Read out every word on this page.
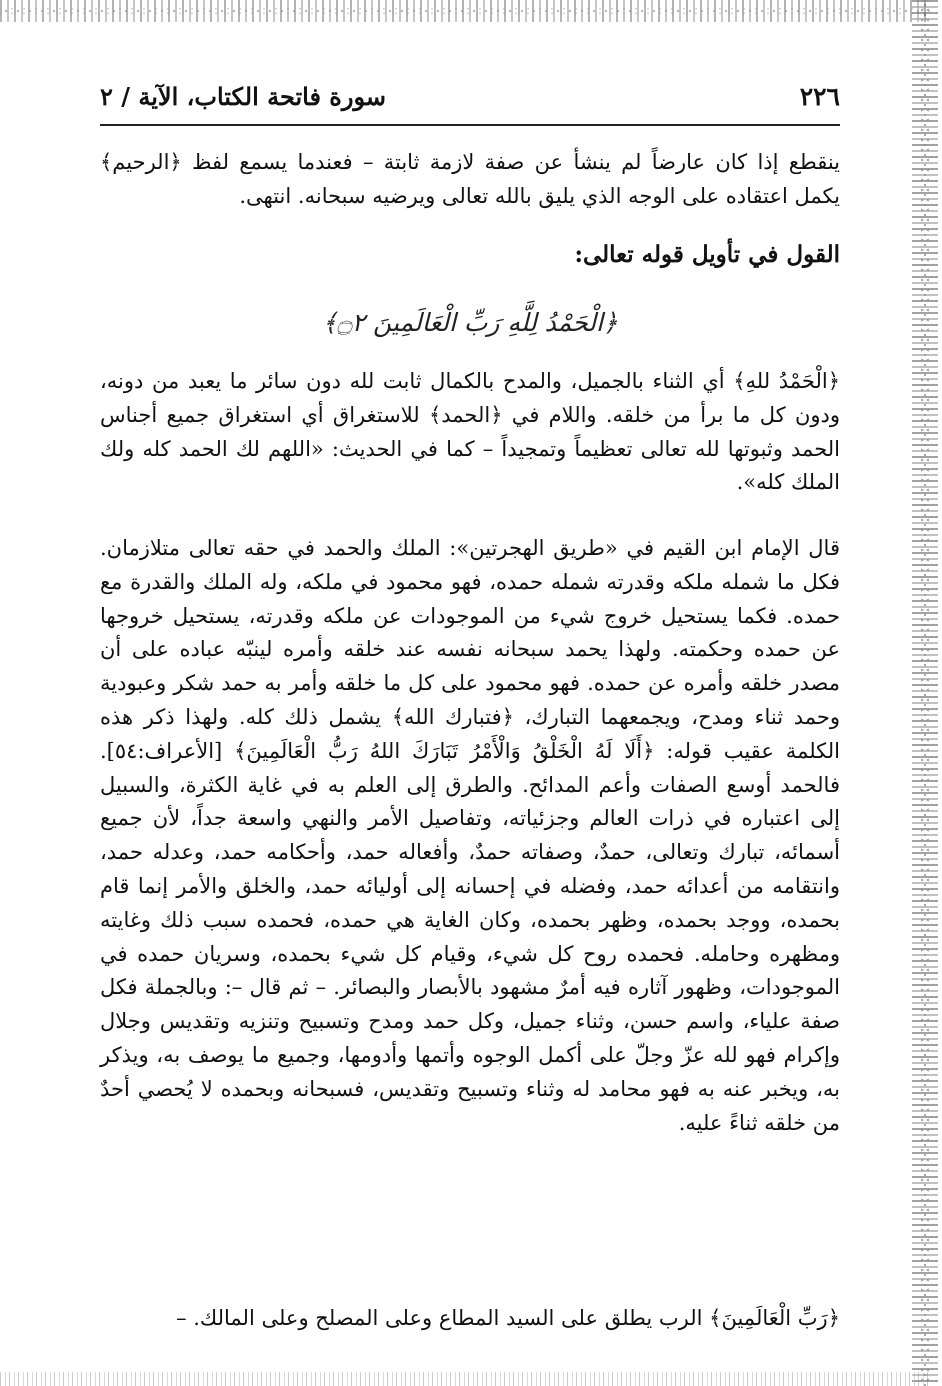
٢٢٦
سورة فاتحة الكتاب، الآية / ٢

ينقطع إذا كان عارضاً لم ينشأ عن صفة لازمة ثابتة – فعندما يسمع لفظ ﴿الرحيم﴾ يكمل اعتقاده على الوجه الذي يليق بالله تعالى ويرضيه سبحانه. انتهى.

القول في تأويل قوله تعالى:

﴿الْحَمْدُ لِلَّهِ رَبِّ الْعَالَمِينَ ۝٢﴾

﴿الْحَمْدُ للهِ﴾ أي الثناء بالجميل، والمدح بالكمال ثابت لله دون سائر ما يعبد من دونه، ودون كل ما برأ من خلقه. واللام في ﴿الحمد﴾ للاستغراق أي استغراق جميع أجناس الحمد وثبوتها لله تعالى تعظيماً وتمجيداً – كما في الحديث: «اللهم لك الحمد كله ولك الملك كله».

قال الإمام ابن القيم في «طريق الهجرتين»: الملك والحمد في حقه تعالى متلازمان. فكل ما شمله ملكه وقدرته شمله حمده، فهو محمود في ملكه، وله الملك والقدرة مع حمده. فكما يستحيل خروج شيء من الموجودات عن ملكه وقدرته، يستحيل خروجها عن حمده وحكمته. ولهذا يحمد سبحانه نفسه عند خلقه وأمره لينبّه عباده على أن مصدر خلقه وأمره عن حمده. فهو محمود على كل ما خلقه وأمر به حمد شكر وعبودية وحمد ثناء ومدح، ويجمعهما التبارك، ﴿فتبارك الله﴾ يشمل ذلك كله. ولهذا ذكر هذه الكلمة عقيب قوله: ﴿أَلَا لَهُ الْخَلْقُ وَالْأَمْرُ تَبَارَكَ اللهُ رَبُّ الْعَالَمِينَ﴾ [الأعراف:٥٤]. فالحمد أوسع الصفات وأعم المدائح. والطرق إلى العلم به في غاية الكثرة، والسبيل إلى اعتباره في ذرات العالم وجزئياته، وتفاصيل الأمر والنهي واسعة جداً، لأن جميع أسمائه، تبارك وتعالى، حمدٌ، وصفاته حمدٌ، وأفعاله حمد، وأحكامه حمد، وعدله حمد، وانتقامه من أعدائه حمد، وفضله في إحسانه إلى أوليائه حمد، والخلق والأمر إنما قام بحمده، ووجد بحمده، وظهر بحمده، وكان الغاية هي حمده، فحمده سبب ذلك وغايته ومظهره وحامله. فحمده روح كل شيء، وقيام كل شيء بحمده، وسريان حمده في الموجودات، وظهور آثاره فيه أمرٌ مشهود بالأبصار والبصائر. – ثم قال –: وبالجملة فكل صفة علياء، واسم حسن، وثناء جميل، وكل حمد ومدح وتسبيح وتنزيه وتقديس وجلال وإكرام فهو لله عزّ وجلّ على أكمل الوجوه وأتمها وأدومها، وجميع ما يوصف به، ويذكر به، ويخبر عنه به فهو محامد له وثناء وتسبيح وتقديس، فسبحانه وبحمده لا يُحصي أحدٌ من خلقه ثناءً عليه.

﴿رَبِّ الْعَالَمِينَ﴾ الرب يطلق على السيد المطاع وعلى المصلح وعلى المالك. –
